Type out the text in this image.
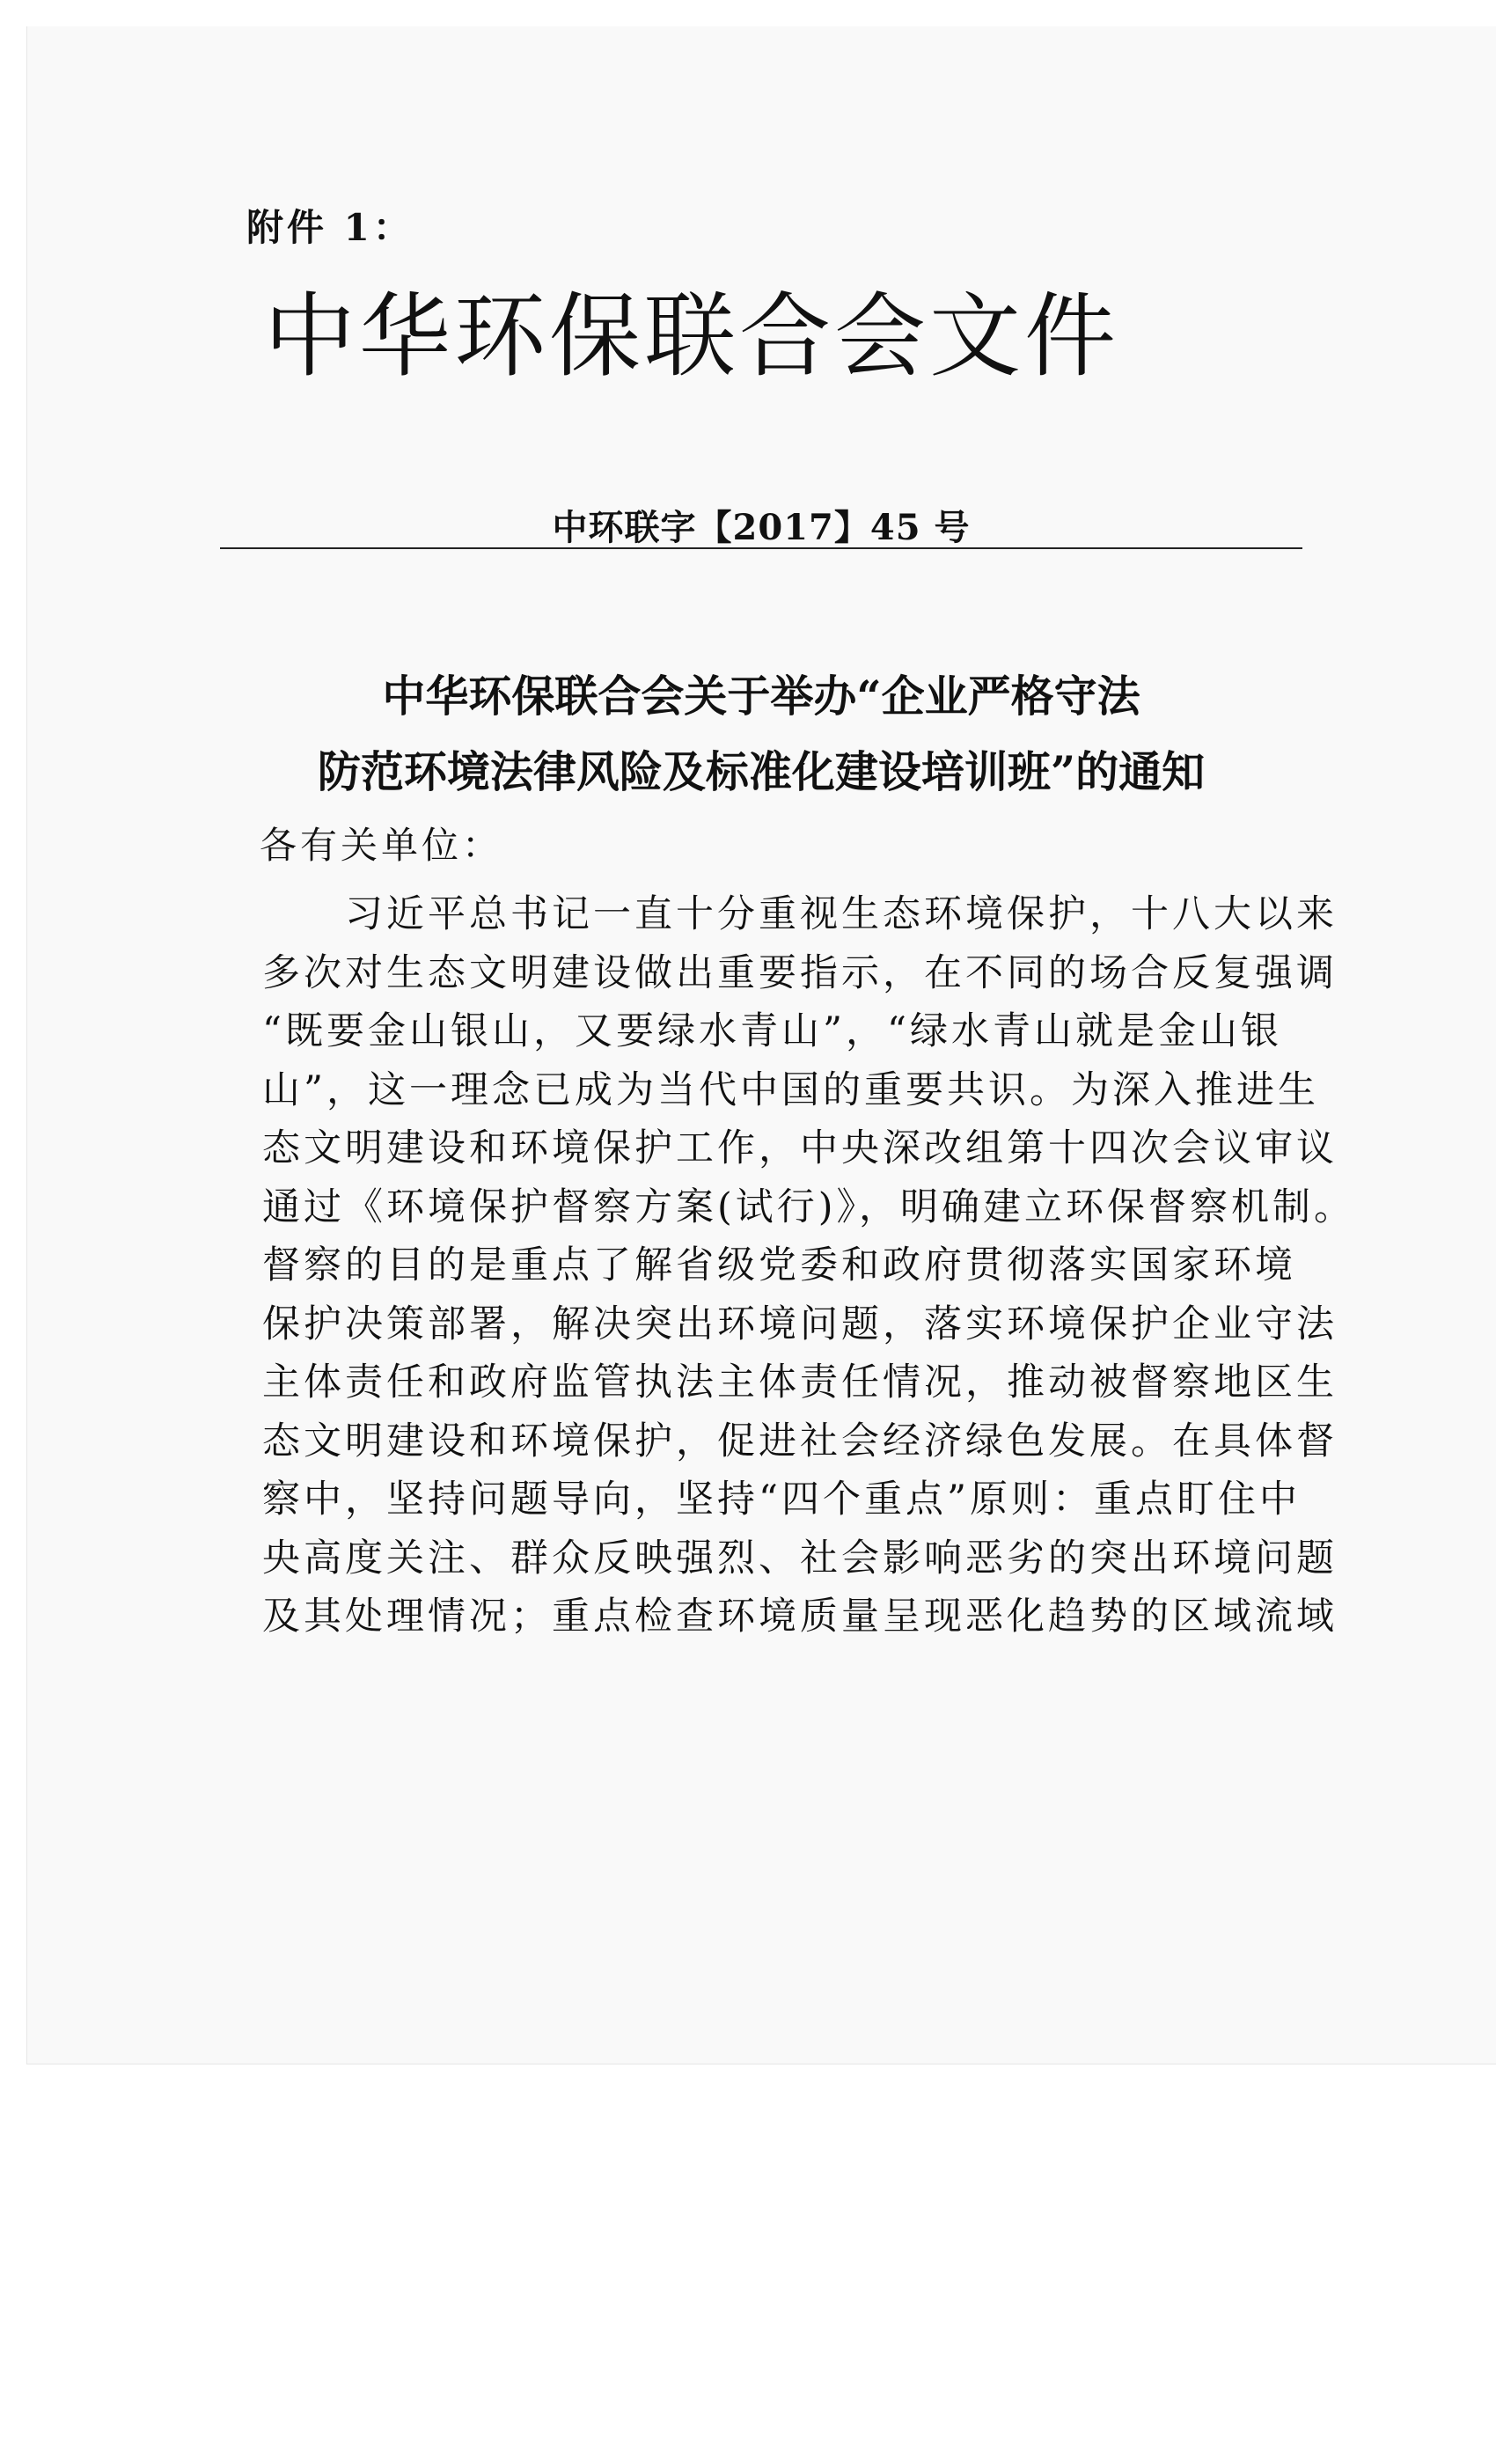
附件 1：
中华环保联合会文件
中环联字【2017】45 号
中华环保联合会关于举办“企业严格守法
防范环境法律风险及标准化建设培训班”的通知
各有关单位：
　　习近平总书记一直十分重视生态环境保护，十八大以来
多次对生态文明建设做出重要指示，在不同的场合反复强调
“既要金山银山，又要绿水青山”，“绿水青山就是金山银
山”，这一理念已成为当代中国的重要共识。为深入推进生
态文明建设和环境保护工作，中央深改组第十四次会议审议
通过《环境保护督察方案(试行)》，明确建立环保督察机制。
督察的目的是重点了解省级党委和政府贯彻落实国家环境
保护决策部署，解决突出环境问题，落实环境保护企业守法
主体责任和政府监管执法主体责任情况，推动被督察地区生
态文明建设和环境保护，促进社会经济绿色发展。在具体督
察中，坚持问题导向，坚持“四个重点”原则：重点盯住中
央高度关注、群众反映强烈、社会影响恶劣的突出环境问题
及其处理情况；重点检查环境质量呈现恶化趋势的区域流域
